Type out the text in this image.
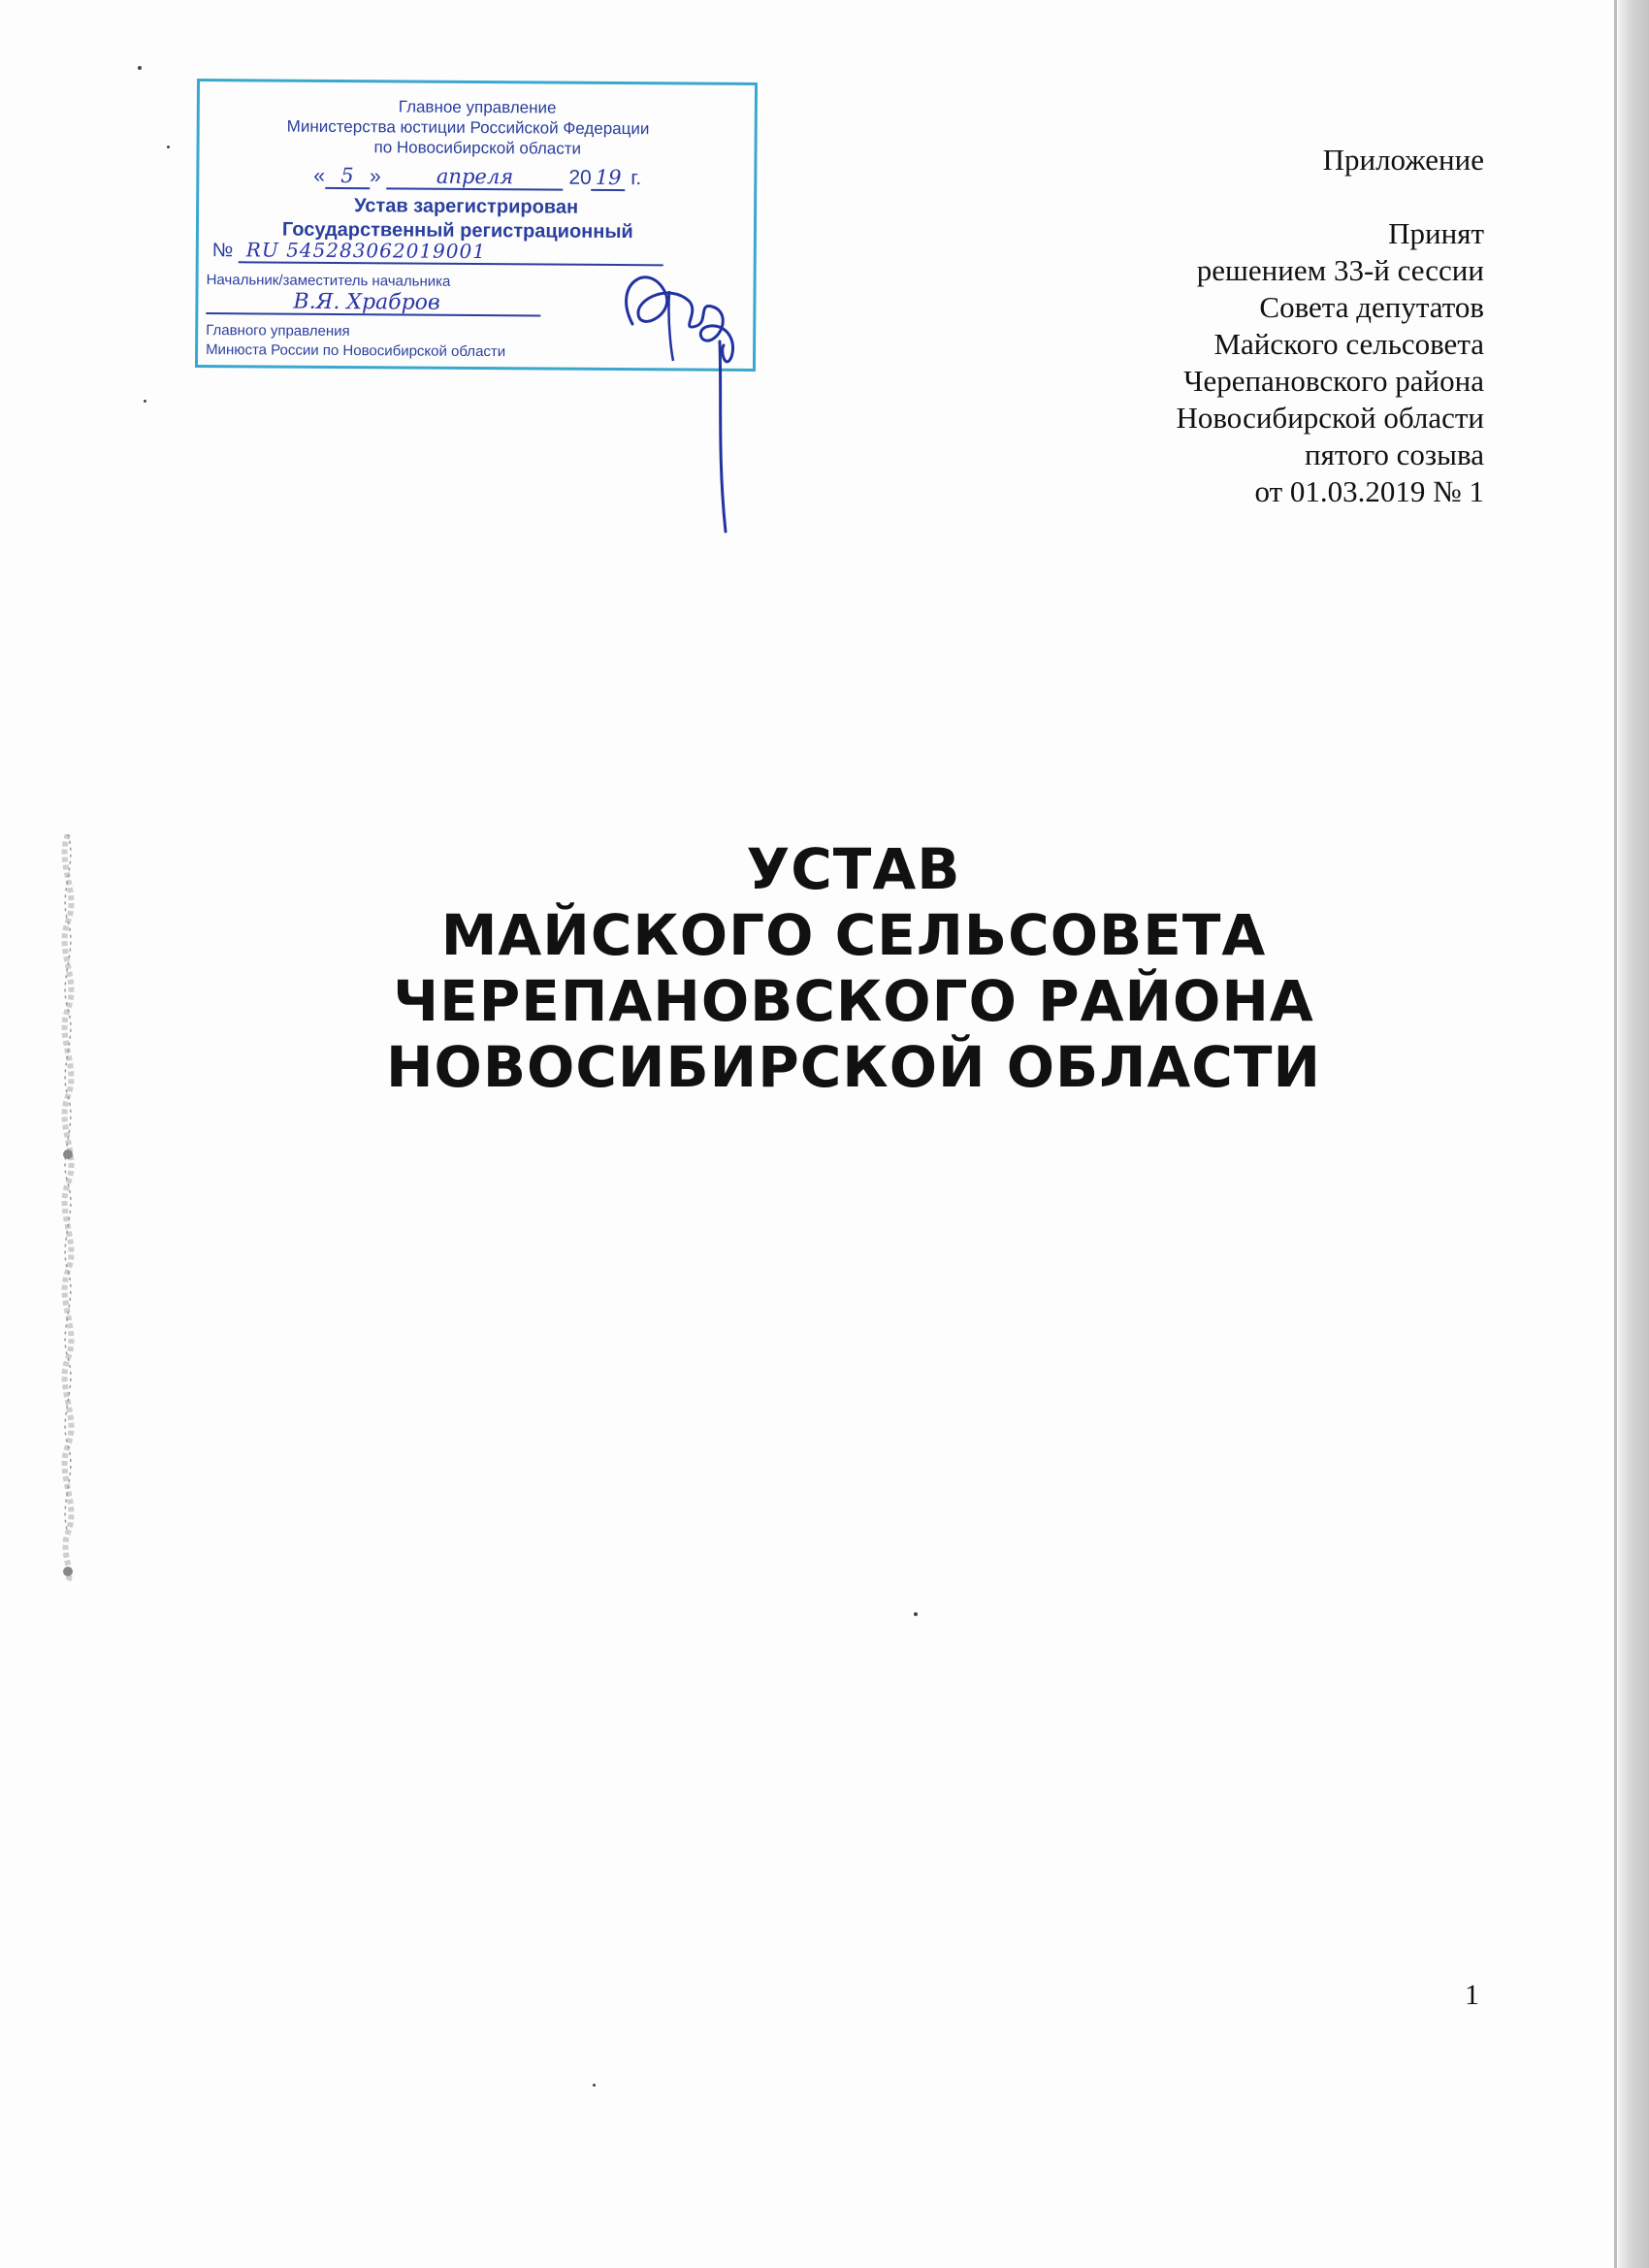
Главное управление
Министерства юстиции Российской Федерации
по Новосибирской области
« 5 »	апреля	20 19 г.
Устав зарегистрирован
Государственный регистрационный
№ RU 545283062019001
Начальник/заместитель начальника
В.Я. Храбров
Главного управления
Минюста России по Новосибирской области
Приложение
Принят
решением 33-й сессии
Совета депутатов
Майского сельсовета
Черепановского района
Новосибирской области
пятого созыва
от 01.03.2019 № 1
УСТАВ
МАЙСКОГО СЕЛЬСОВЕТА
ЧЕРЕПАНОВСКОГО РАЙОНА
НОВОСИБИРСКОЙ ОБЛАСТИ
1
